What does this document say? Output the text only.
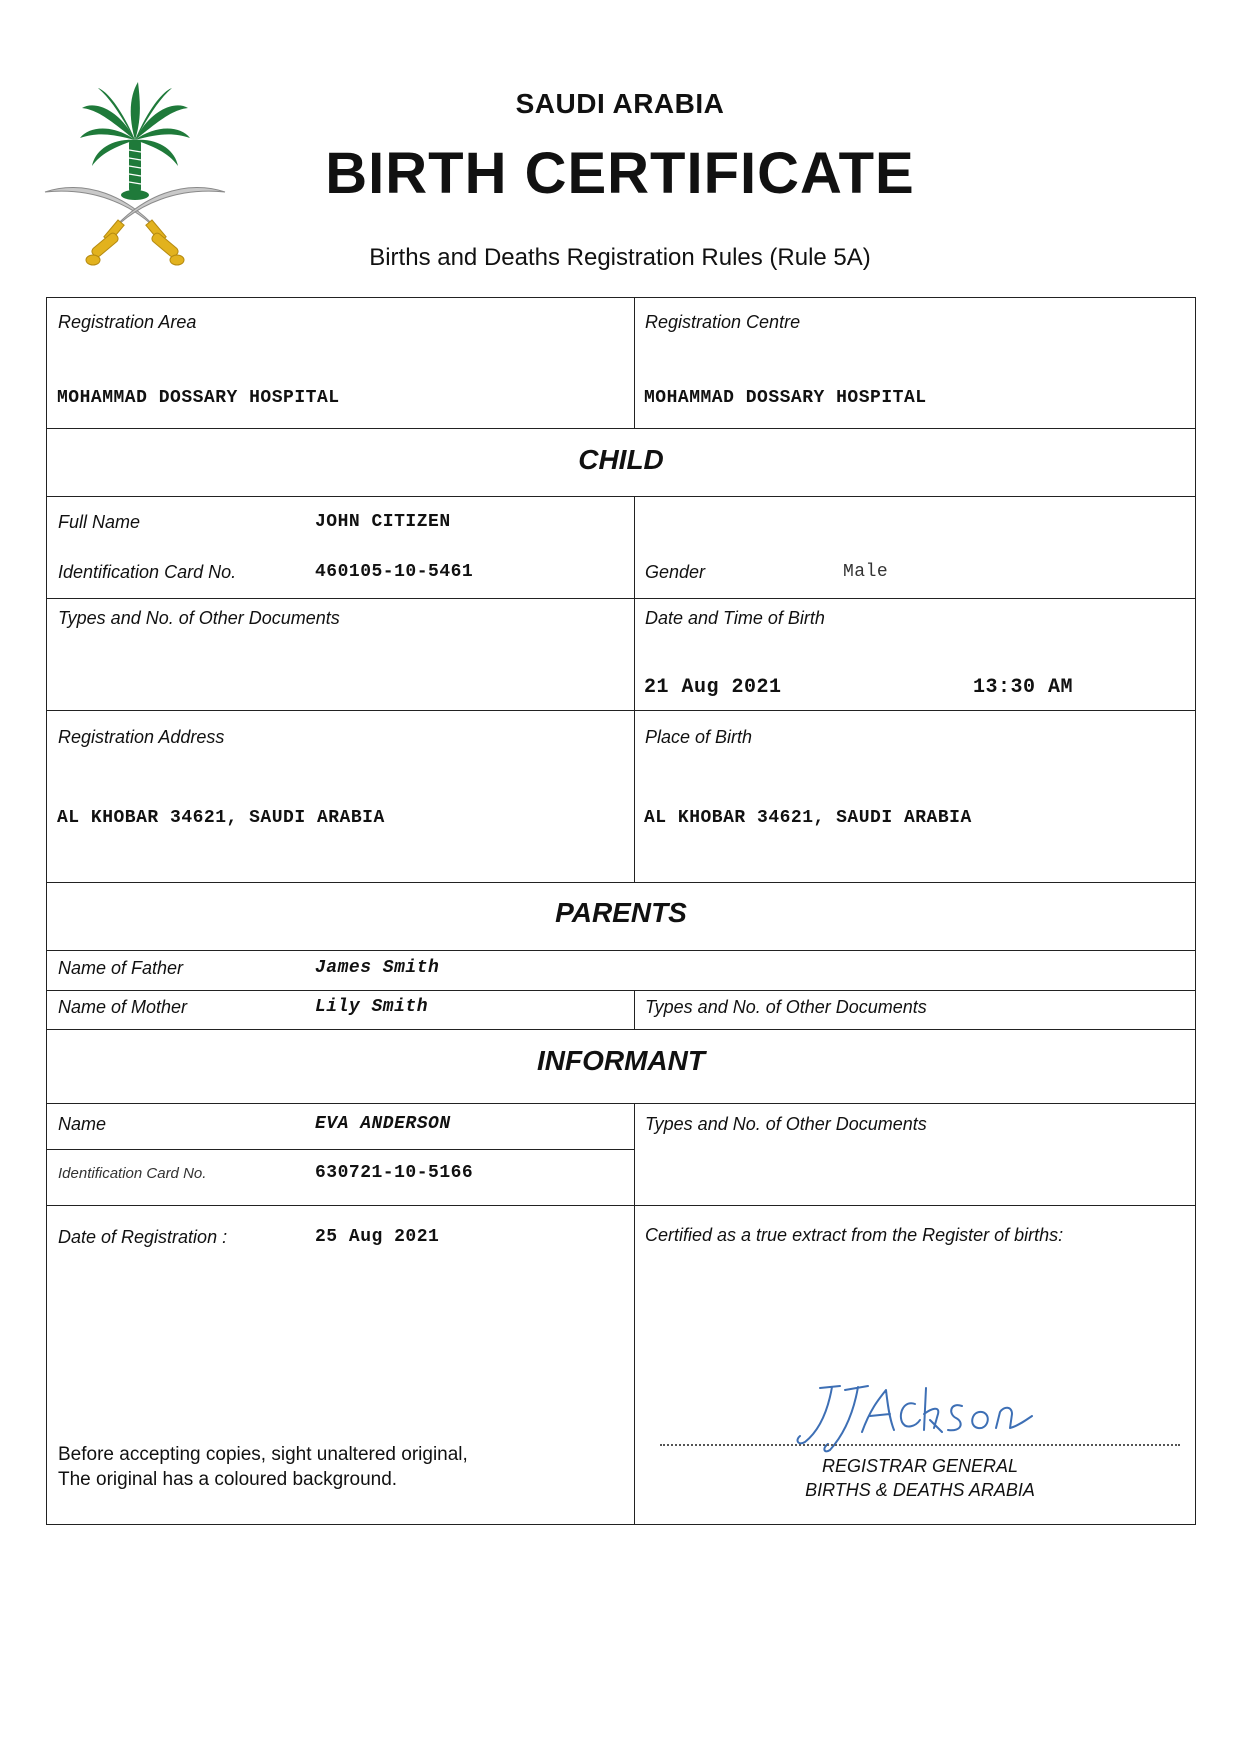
SAUDI ARABIA
BIRTH CERTIFICATE
Births and Deaths Registration Rules (Rule 5A)
Registration Area
MOHAMMAD DOSSARY HOSPITAL
Registration Centre
MOHAMMAD DOSSARY HOSPITAL
CHILD
Full Name	JOHN CITIZEN
Identification Card No.	460105-10-5461	Gender	Male
Types and No. of Other Documents	Date and Time of Birth
21 Aug 2021	13:30 AM
Registration Address
AL KHOBAR 34621, SAUDI ARABIA
Place of Birth
AL KHOBAR 34621, SAUDI ARABIA
PARENTS
Name of Father	James Smith
Name of Mother	Lily Smith	Types and No. of Other Documents
INFORMANT
Name	EVA ANDERSON	Types and No. of Other Documents
Identification Card No.	630721-10-5166
Date of Registration :	25 Aug 2021	Certified as a true extract from the Register of births:
Before accepting copies, sight unaltered original,
The original has a coloured background.
REGISTRAR GENERAL
BIRTHS & DEATHS ARABIA
